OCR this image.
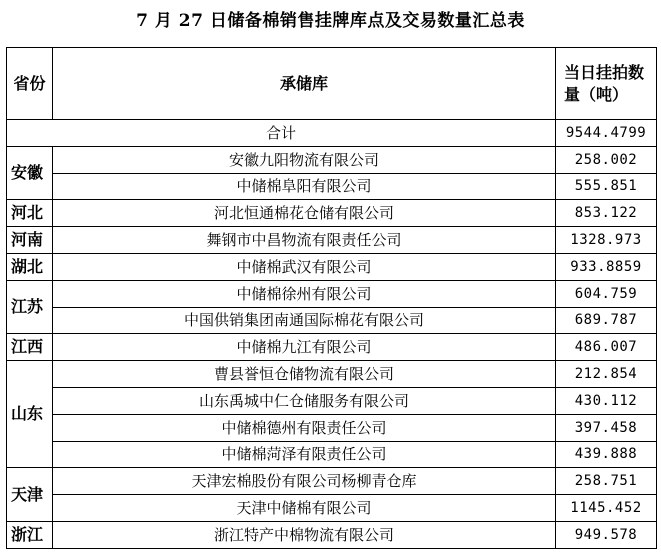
7 月 27 日储备棉销售挂牌库点及交易数量汇总表
省份	承储库	当日挂拍数量（吨）
合计		9544.4799
安徽	安徽九阳物流有限公司	258.002
	中储棉阜阳有限公司	555.851
河北	河北恒通棉花仓储有限公司	853.122
河南	舞钢市中昌物流有限责任公司	1328.973
湖北	中储棉武汉有限公司	933.8859
江苏	中储棉徐州有限公司	604.759
	中国供销集团南通国际棉花有限公司	689.787
江西	中储棉九江有限公司	486.007
山东	曹县誉恒仓储物流有限公司	212.854
	山东禹城中仁仓储服务有限公司	430.112
	中储棉德州有限责任公司	397.458
	中储棉菏泽有限责任公司	439.888
天津	天津宏棉股份有限公司杨柳青仓库	258.751
	天津中储棉有限公司	1145.452
浙江	浙江特产中棉物流有限公司	949.578
